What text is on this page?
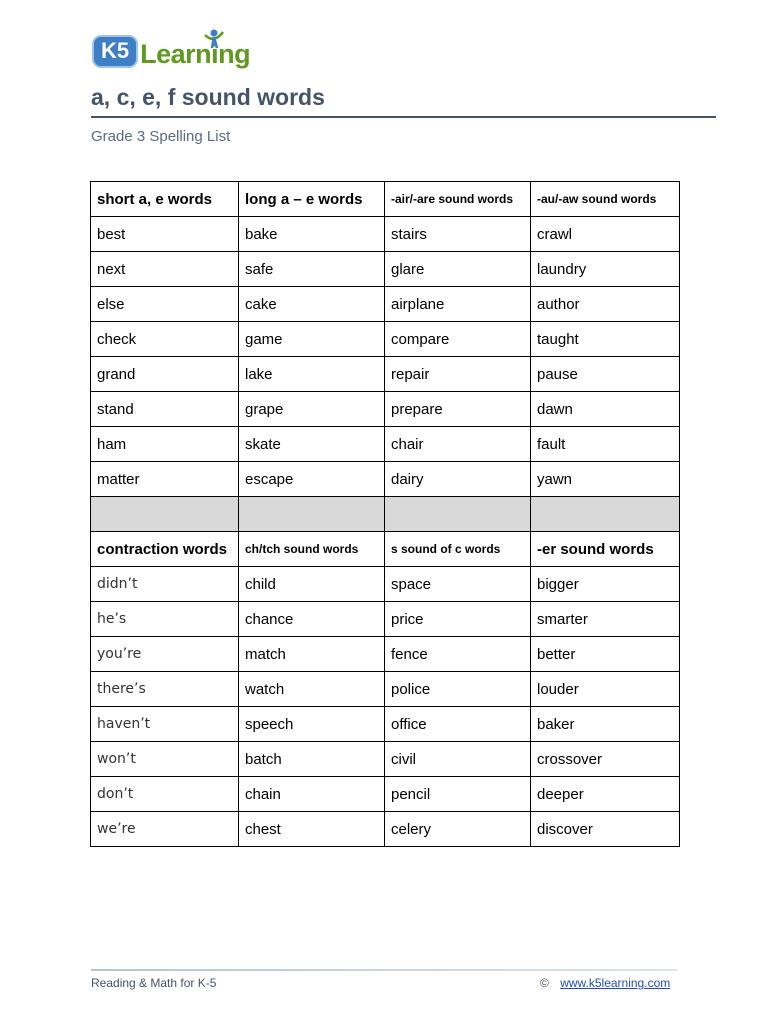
K5 Learning
a, c, e, f sound words
Grade 3 Spelling List
short a, e words	long a – e words	-air/-are sound words	-au/-aw sound words
best	bake	stairs	crawl
next	safe	glare	laundry
else	cake	airplane	author
check	game	compare	taught
grand	lake	repair	pause
stand	grape	prepare	dawn
ham	skate	chair	fault
matter	escape	dairy	yawn

contraction words	ch/tch sound words	s sound of c words	-er sound words
didn’t	child	space	bigger
he’s	chance	price	smarter
you’re	match	fence	better
there’s	watch	police	louder
haven’t	speech	office	baker
won’t	batch	civil	crossover
don’t	chain	pencil	deeper
we’re	chest	celery	discover
Reading & Math for K-5	© www.k5learning.com
